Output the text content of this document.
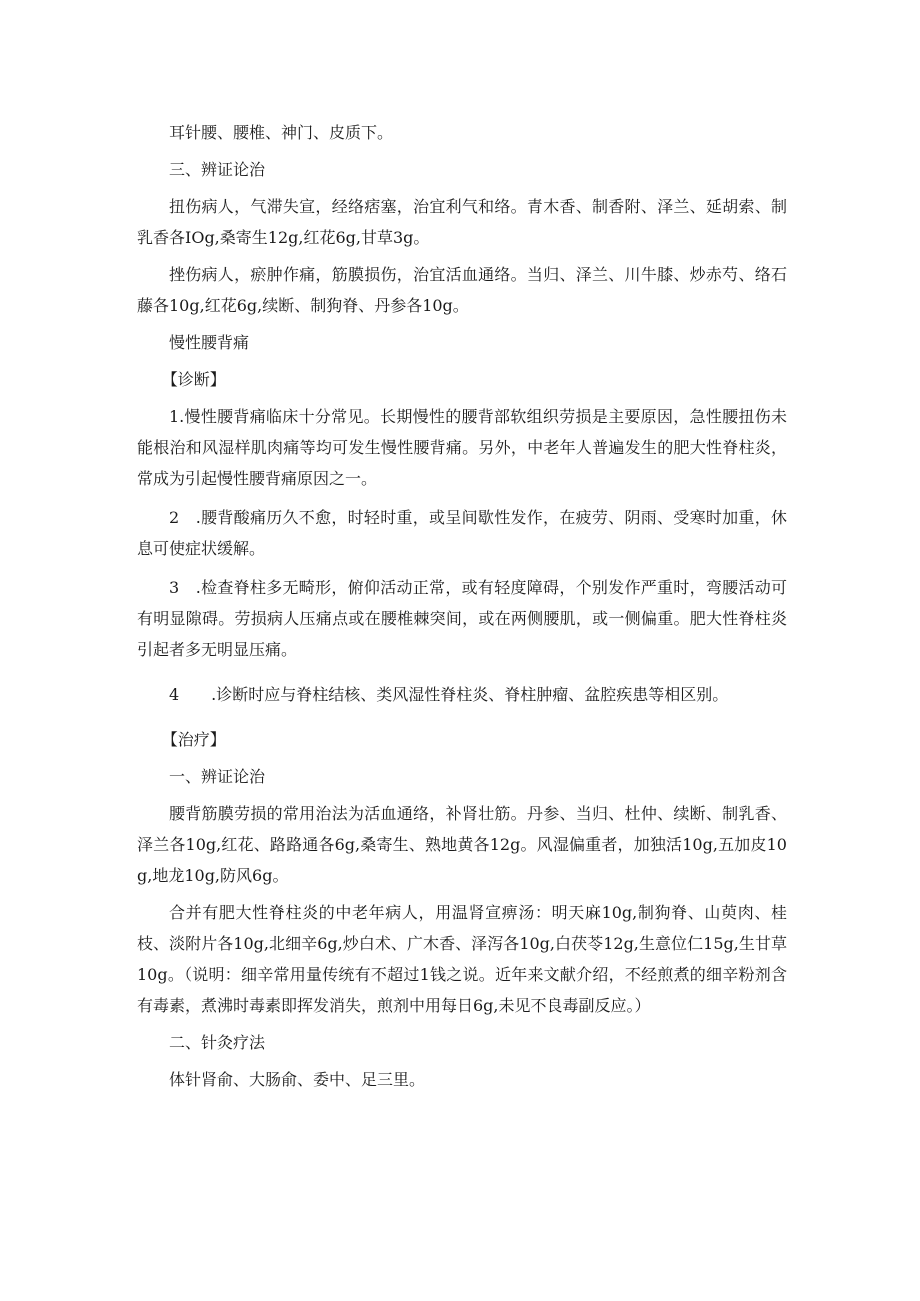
耳针腰、腰椎、神门、皮质下。

三、辨证论治

扭伤病人，气滞失宣，经络痞塞，治宜利气和络。青木香、制香附、泽兰、延胡索、制乳香各IOg,桑寄生12g,红花6g,甘草3g。

挫伤病人，瘀肿作痛，筋膜损伤，治宜活血通络。当归、泽兰、川牛膝、炒赤芍、络石藤各10g,红花6g,续断、制狗脊、丹参各10g。

慢性腰背痛

【诊断】

1.慢性腰背痛临床十分常见。长期慢性的腰背部软组织劳损是主要原因，急性腰扭伤未能根治和风湿样肌肉痛等均可发生慢性腰背痛。另外，中老年人普遍发生的肥大性脊柱炎，常成为引起慢性腰背痛原因之一。

2　.腰背酸痛历久不愈，时轻时重，或呈间歇性发作，在疲劳、阴雨、受寒时加重，休息可使症状缓解。

3　.检查脊柱多无畸形，俯仰活动正常，或有轻度障碍，个别发作严重时，弯腰活动可有明显隙碍。劳损病人压痛点或在腰椎棘突间，或在两侧腰肌，或一侧偏重。肥大性脊柱炎引起者多无明显压痛。

4　　.诊断时应与脊柱结核、类风湿性脊柱炎、脊柱肿瘤、盆腔疾患等相区别。

【治疗】

一、辨证论治

腰背筋膜劳损的常用治法为活血通络，补肾壮筋。丹参、当归、杜仲、续断、制乳香、泽兰各10g,红花、路路通各6g,桑寄生、熟地黄各12g。风湿偏重者，加独活10g,五加皮10g,地龙10g,防风6g。

合并有肥大性脊柱炎的中老年病人，用温肾宣痹汤：明天麻10g,制狗脊、山萸肉、桂枝、淡附片各10g,北细辛6g,炒白术、广木香、泽泻各10g,白茯苓12g,生意位仁15g,生甘草10g。（说明：细辛常用量传统有不超过1钱之说。近年来文献介绍，不经煎煮的细辛粉剂含有毒素，煮沸时毒素即挥发消失，煎剂中用每日6g,未见不良毒副反应。）

二、针灸疗法

体针肾俞、大肠俞、委中、足三里。
